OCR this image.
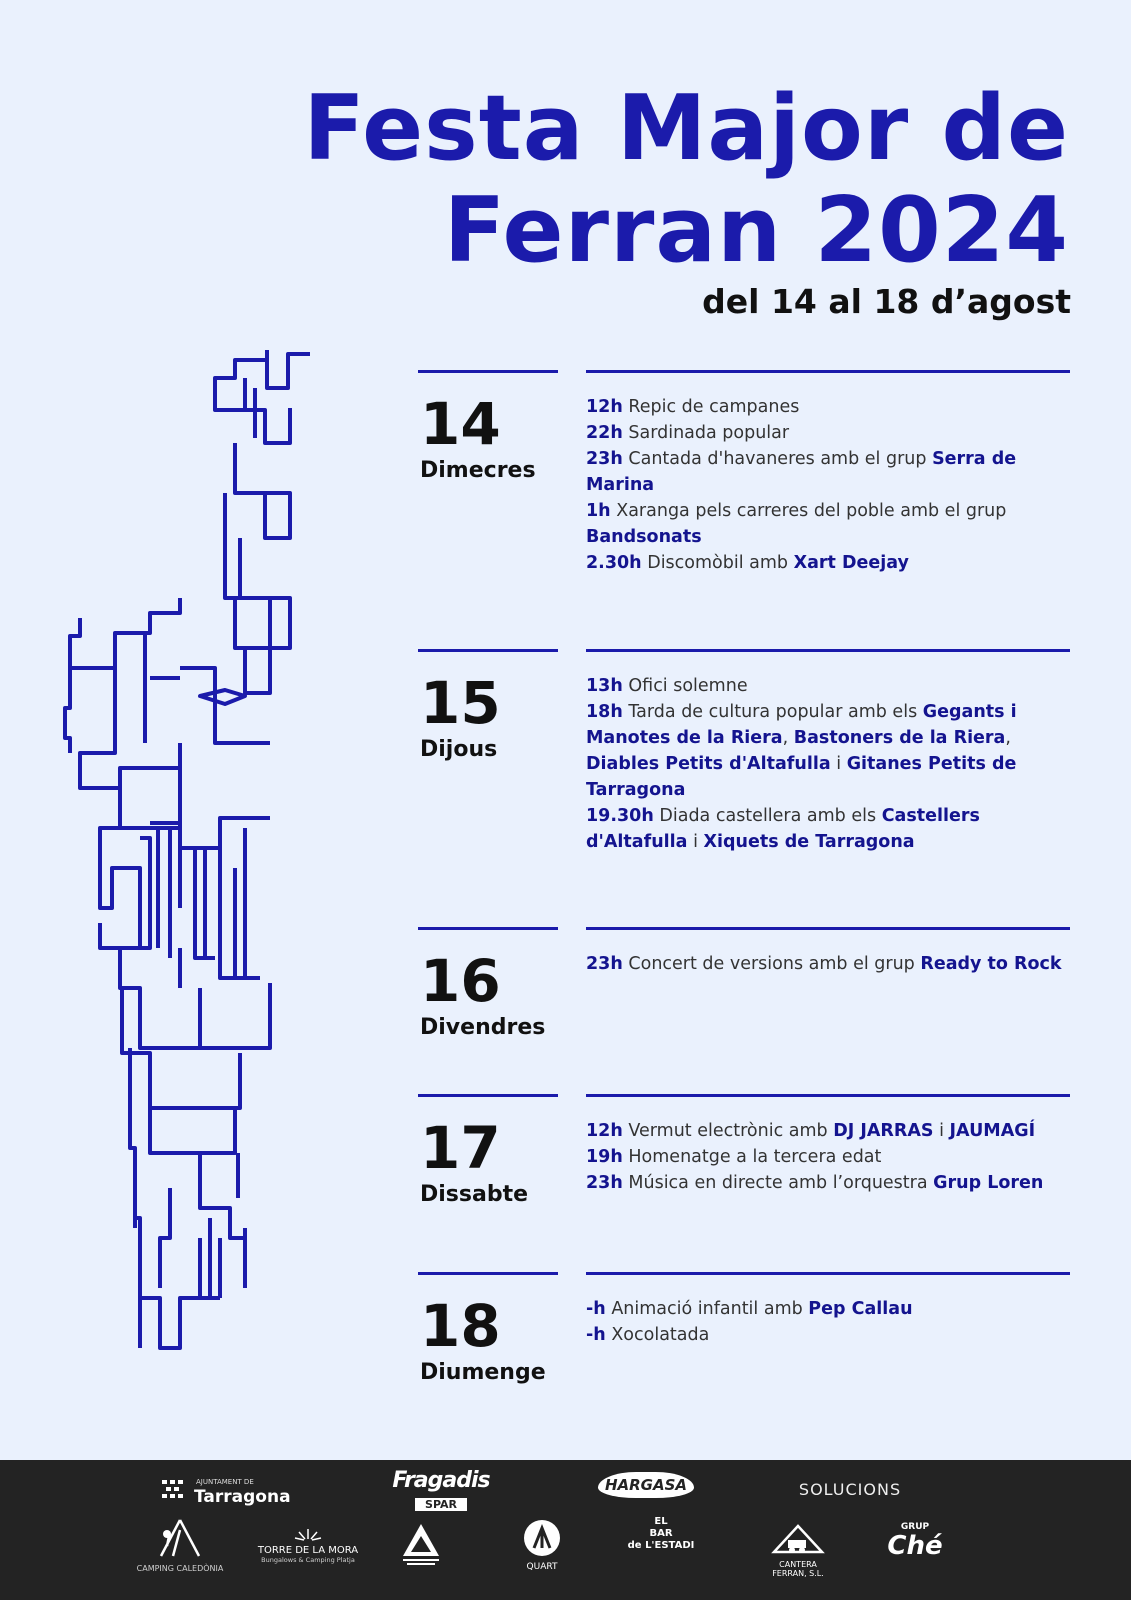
Festa Major de
Ferran 2024
del 14 al 18 d’agost
14
Dimecres

12h Repic de campanes

22h Sardinada popular

23h Cantada d'havaneres amb el grup Serra de Marina

1h Xaranga pels carreres del poble amb el grup Bandsonats

2.30h Discomòbil amb Xart Deejay

15
Dijous

13h Ofici solemne

18h Tarda de cultura popular amb els Gegants i Manotes de la Riera, Bastoners de la Riera, Diables Petits d'Altafulla i Gitanes Petits de Tarragona

19.30h Diada castellera amb els Castellers d'Altafulla i Xiquets de Tarragona

16
Divendres

23h Concert de versions amb el grup Ready to Rock

17
Dissabte

12h Vermut electrònic amb DJ JARRAS i JAUMAGÍ

19h Homenatge a la tercera edat

23h Música en directe amb l’orquestra Grup Loren

18
Diumenge

-h Animació infantil amb Pep Callau

-h Xocolatada

AJUNTAMENT DE
Tarragona
Fragadis
SPAR
HARGASA	SOLUCIONS
CAMPING CALEDÒNIA
TORRE DE LA MORA
Bungalows & Camping Platja
QUART
EL
BAR
de L'ESTADI
CANTERA
FERRAN, S.L.
GRUP
Ché
